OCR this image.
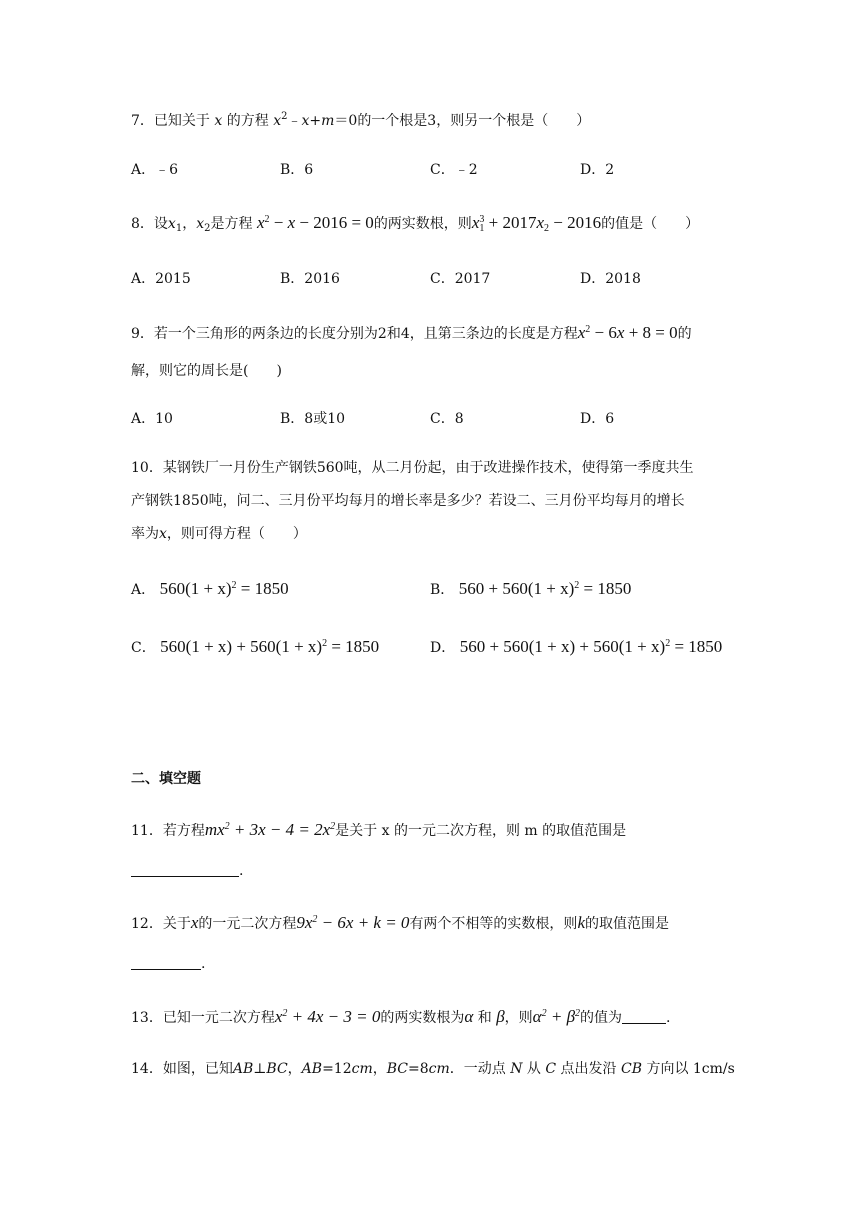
7．已知关于 x 的方程 $x^2﹣x+m=0$的一个根是3，则另一个根是（　　）
A．﹣6	B．6	C．﹣2	D．2
8．设$x_1$，$x_2$是方程 $x^2 - x - 2016 = 0$的两实数根，则$x_1^3 + 2017x_2 - 2016$的值是（　　）
A．2015	B．2016	C．2017	D．2018
9．若一个三角形的两条边的长度分别为2和4，且第三条边的长度是方程$x^2 - 6x + 8 = 0$的
解，则它的周长是(　　)
A．10	B．8或10	C．8	D．6
10．某钢铁厂一月份生产钢铁560吨，从二月份起，由于改进操作技术，使得第一季度共生
产钢铁1850吨，问二、三月份平均每月的增长率是多少？若设二、三月份平均每月的增长
率为x，则可得方程（　　）
A． $560(1 + x)^2 = 1850$	B． $560 + 560(1 + x)^2 = 1850$
C． $560(1 + x) + 560(1 + x)^2 = 1850$	D． $560 + 560(1 + x) + 560(1 + x)^2 = 1850$
二、填空题
11．若方程$mx^2 + 3x - 4 = 2x^2$是关于 x 的一元二次方程，则 m 的取值范围是
.
12．关于x的一元二次方程$9x^2 - 6x + k = 0$有两个不相等的实数根，则k的取值范围是
.
13．已知一元二次方程$x^2 + 4x - 3 = 0$的两实数根为α 和 β，则$\alpha^2 + \beta^2$的值为	.
14．如图，已知AB⊥BC，AB=12cm，BC=8cm．一动点 N 从 C 点出发沿 CB 方向以 1cm/s
